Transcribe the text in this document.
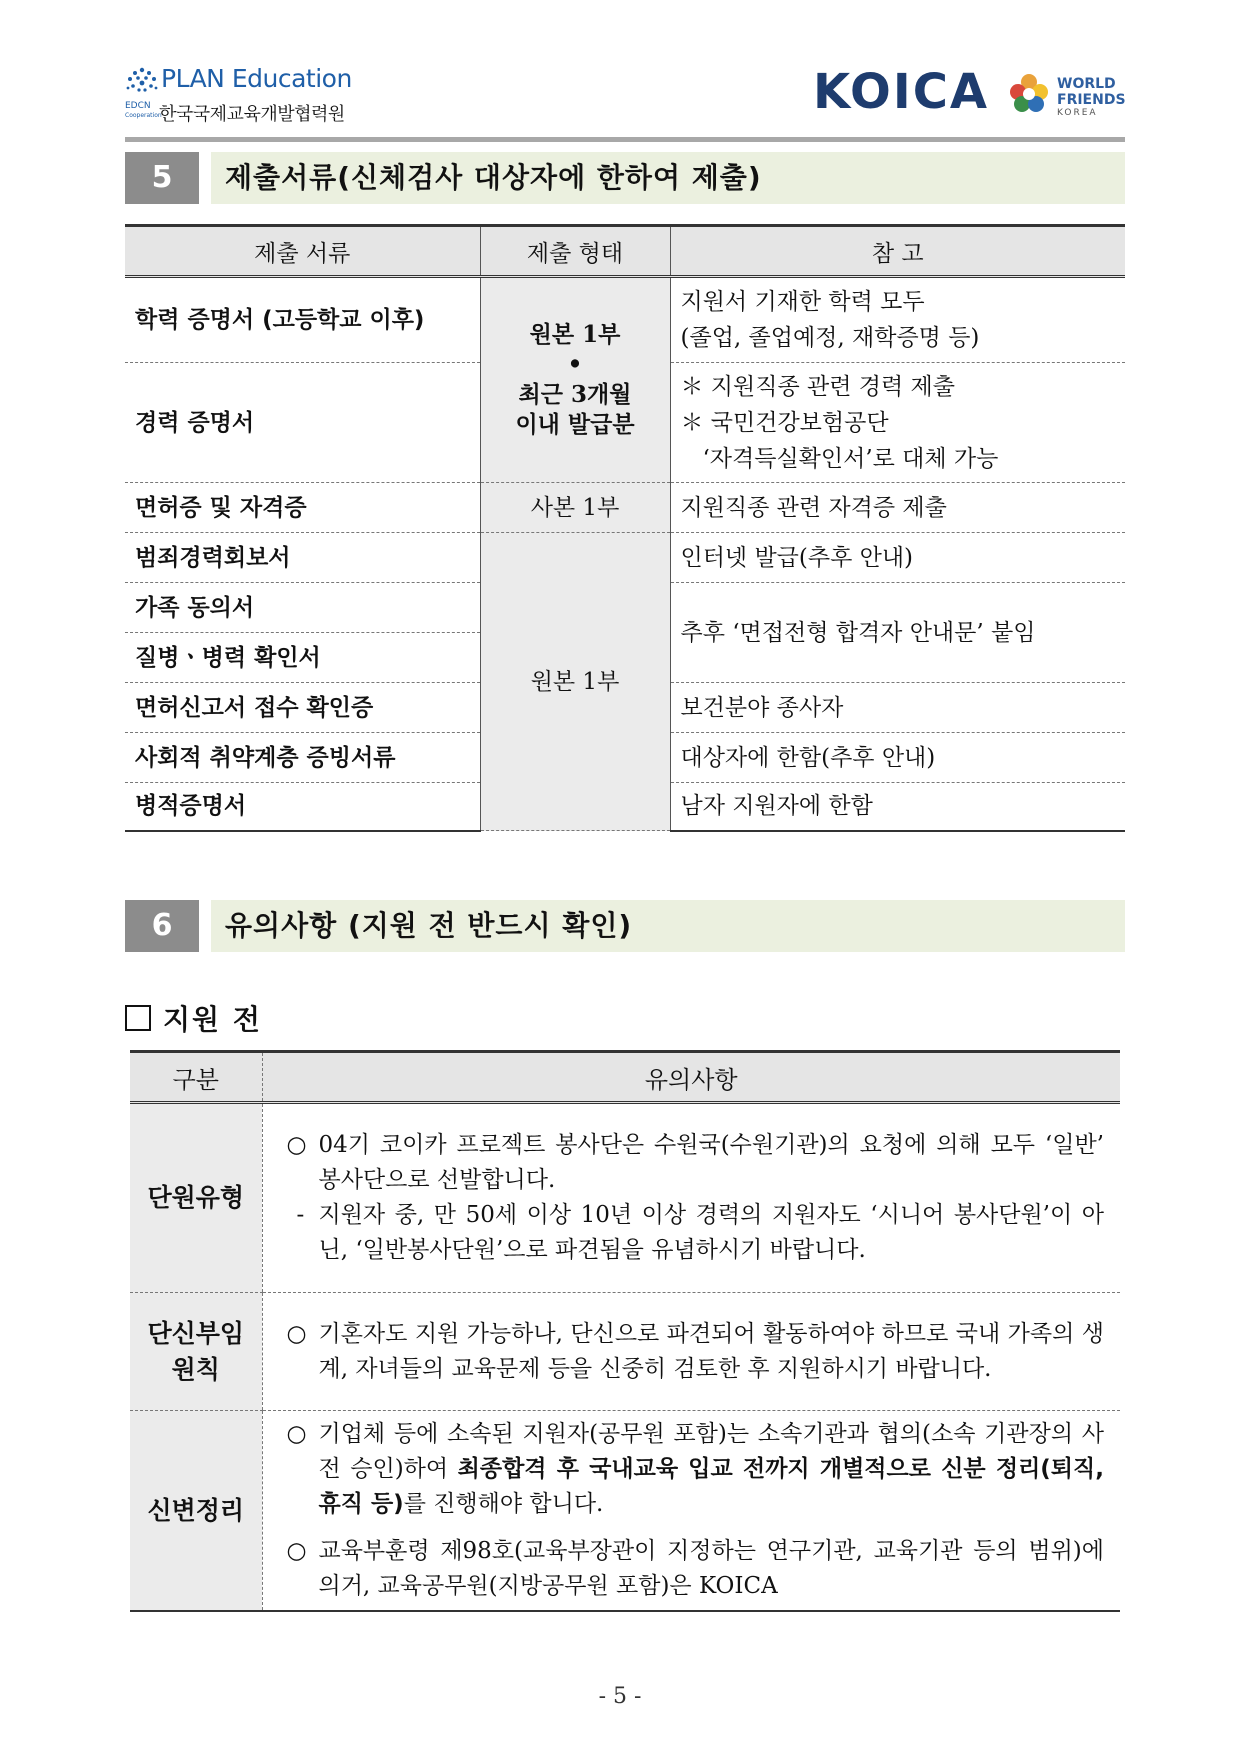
PLAN Education
EDCN
Cooperation
한국국제교육개발협력원	KOICA	WORLD
FRIENDS
KOREA
5	제출서류(신체검사 대상자에 한하여 제출)
제출 서류	제출 형태	참 고
학력 증명서 (고등학교 이후)	원본 1부
•
최근 3개월
이내 발급분	지원서 기재한 학력 모두
(졸업, 졸업예정, 재학증명 등)

경력 증명서		＊ 지원직종 관련 경력 제출
＊ 국민건강보험공단
‘자격득실확인서’로 대체 가능

면허증 및 자격증	사본 1부	지원직종 관련 자격증 제출
범죄경력회보서	원본 1부	인터넷 발급(추후 안내)
가족 동의서		추후 ‘면접전형 합격자 안내문’ 붙임
질병ㆍ병력 확인서		
면허신고서 접수 확인증		보건분야 종사자
사회적 취약계층 증빙서류		대상자에 한함(추후 안내)
병적증명서		남자 지원자에 한함
6	유의사항 (지원 전 반드시 확인)
지원 전
구분	유의사항
단원유형	○ 04기 코이카 프로젝트 봉사단은 수원국(수원기관)의 요청에 의해 모두 ‘일반’ 봉사단으로 선발합니다.
- 지원자 중, 만 50세 이상 10년 이상 경력의 지원자도 ‘시니어 봉사단원’이 아닌, ‘일반봉사단원’으로 파견됨을 유념하시기 바랍니다.

단신부임
원칙	○ 기혼자도 지원 가능하나, 단신으로 파견되어 활동하여야 하므로 국내 가족의 생계, 자녀들의 교육문제 등을 신중히 검토한 후 지원하시기 바랍니다.

신변정리	○ 기업체 등에 소속된 지원자(공무원 포함)는 소속기관과 협의(소속 기관장의 사전 승인)하여 최종합격 후 국내교육 입교 전까지 개별적으로 신분 정리(퇴직, 휴직 등)를 진행해야 합니다.
○ 교육부훈령 제98호(교육부장관이 지정하는 연구기관, 교육기관 등의 범위)에 의거, 교육공무원(지방공무원 포함)은 KOICA
- 5 -
